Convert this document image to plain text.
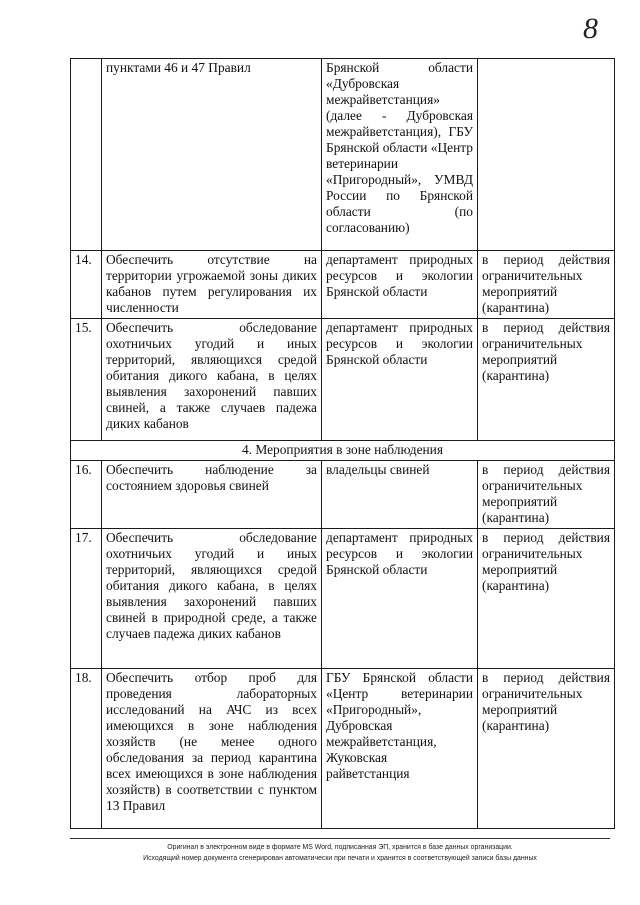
8
	пунктами 46 и 47 Правил	Брянской области «Дубровская межрайветстанция» (далее - Дубровская межрайветстанция), ГБУ Брянской области «Центр ветеринарии «Пригородный», УМВД России по Брянской области (по согласованию)	
14.	Обеспечить отсутствие на территории угрожаемой зоны диких кабанов путем регулирования их численности	департамент природных ресурсов и экологии Брянской области	в период действия ограничительных мероприятий (карантина)
15.	Обеспечить обследование охотничьих угодий и иных территорий, являющихся средой обитания дикого кабана, в целях выявления захоронений павших свиней, а также случаев падежа диких кабанов	департамент природных ресурсов и экологии Брянской области	в период действия ограничительных мероприятий (карантина)
4. Мероприятия в зоне наблюдения			
16.	Обеспечить наблюдение за состоянием здоровья свиней	владельцы свиней	в период действия ограничительных мероприятий (карантина)
17.	Обеспечить обследование охотничьих угодий и иных территорий, являющихся средой обитания дикого кабана, в целях выявления захоронений павших свиней в природной среде, а также случаев падежа диких кабанов	департамент природных ресурсов и экологии Брянской области	в период действия ограничительных мероприятий (карантина)
18.	Обеспечить отбор проб для проведения лабораторных исследований на АЧС из всех имеющихся в зоне наблюдения хозяйств (не менее одного обследования за период карантина всех имеющихся в зоне наблюдения хозяйств) в соответствии с пунктом 13 Правил	ГБУ Брянской области «Центр ветеринарии «Пригородный», Дубровская межрайветстанция, Жуковская райветстанция	в период действия ограничительных мероприятий (карантина)
Оригинал в электронном виде в формате MS Word, подписанная ЭП, хранится в базе данных организации.
Исходящий номер документа сгенерирован автоматически при печати и хранится в соответствующей записи базы данных
